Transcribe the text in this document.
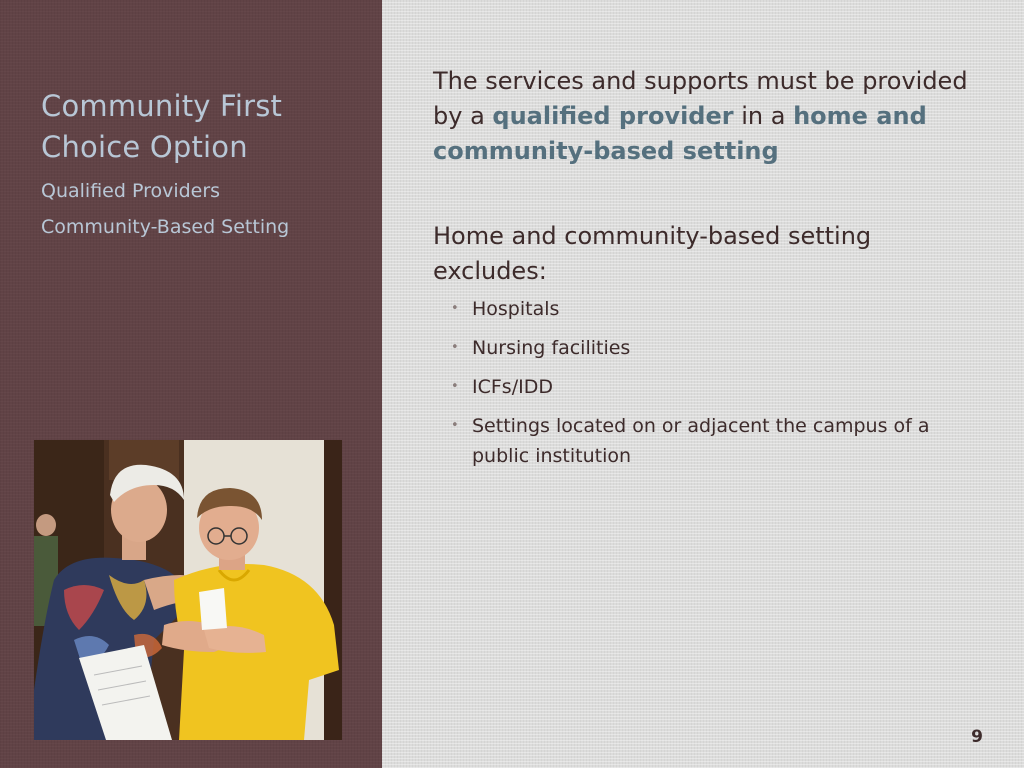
Community First Choice Option
Qualified Providers
Community-Based Setting

The services and supports must be provided by a qualified provider in a home and community-based setting

Home and community-based setting excludes:

• Hospitals
• Nursing facilities
• ICFs/IDD
• Settings located on or adjacent the campus of a public institution
9
